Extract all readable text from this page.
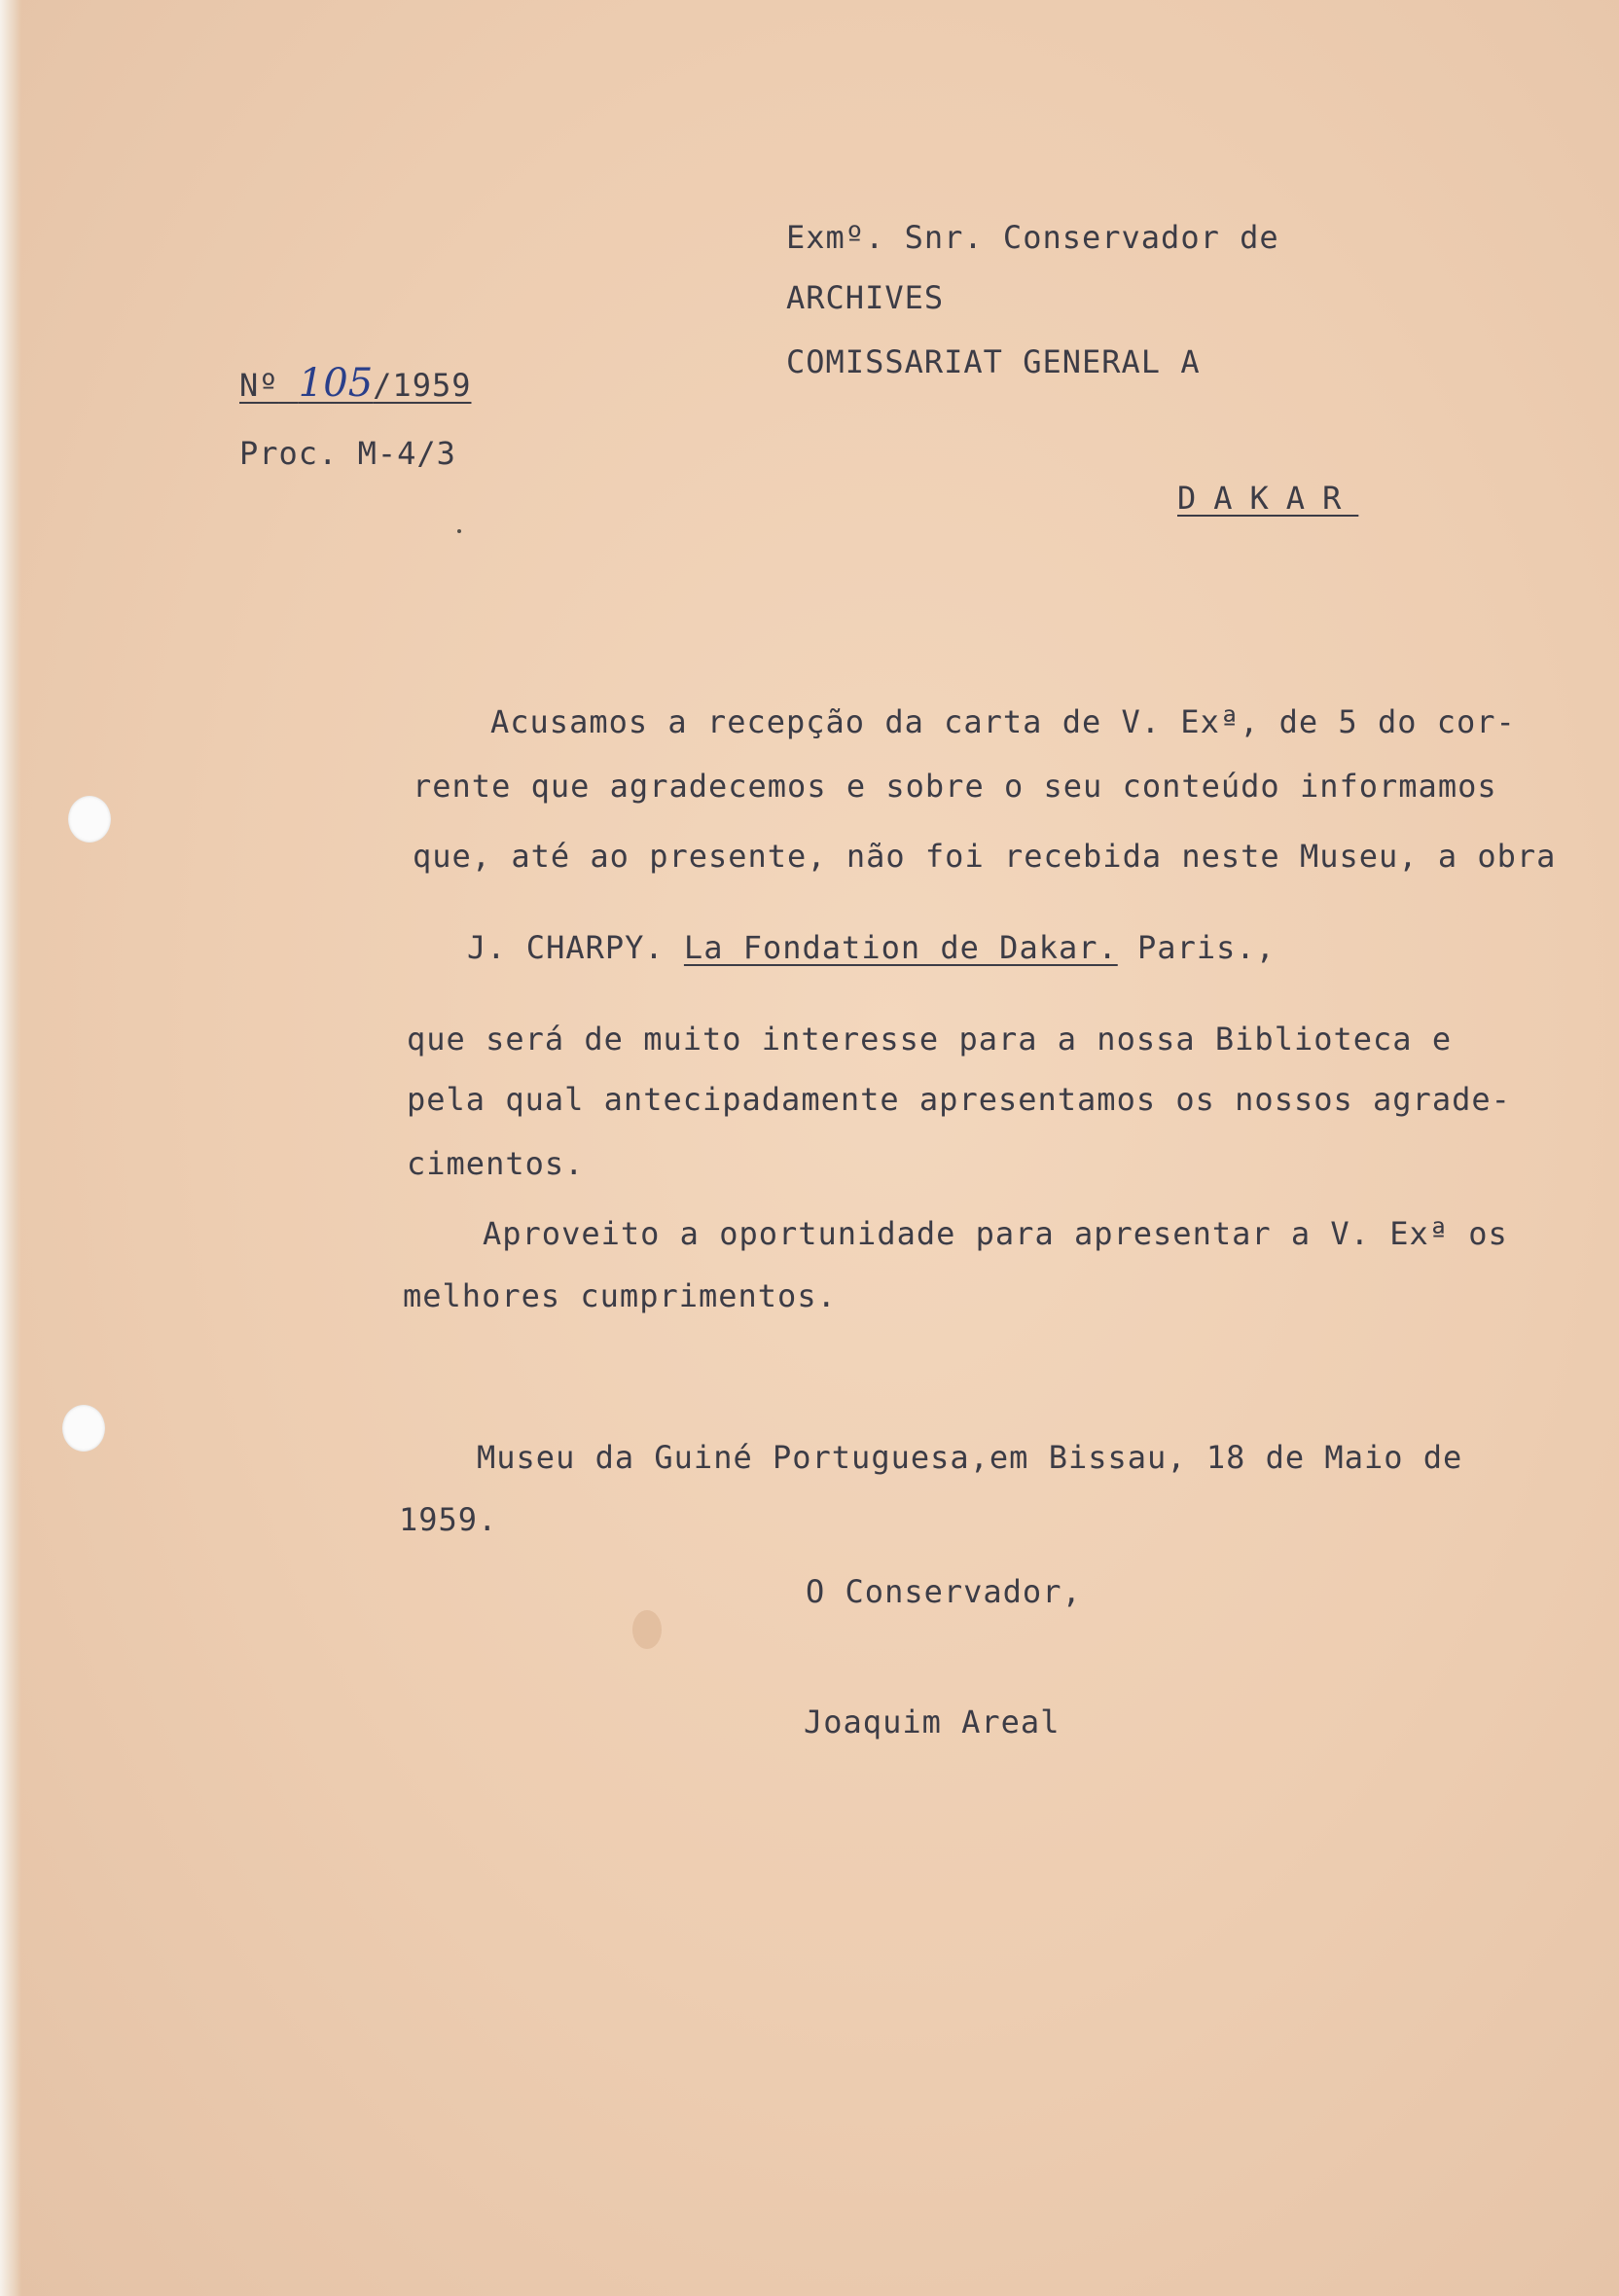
Exmº. Snr. Conservador de
ARCHIVES
COMISSARIAT GENERAL A
DAKAR
Nº 105/1959
Proc. M-4/3
Acusamos a recepção da carta de V. Exª, de 5 do cor-
rente que agradecemos e sobre o seu conteúdo informamos
que, até ao presente, não foi recebida neste Museu, a obra
J. CHARPY. La Fondation de Dakar. Paris.,
que será de muito interesse para a nossa Biblioteca e
pela qual antecipadamente apresentamos os nossos agrade-
cimentos.
Aproveito a oportunidade para apresentar a V. Exª os
melhores cumprimentos.
Museu da Guiné Portuguesa,em Bissau, 18 de Maio de
1959.
O Conservador,
Joaquim Areal
